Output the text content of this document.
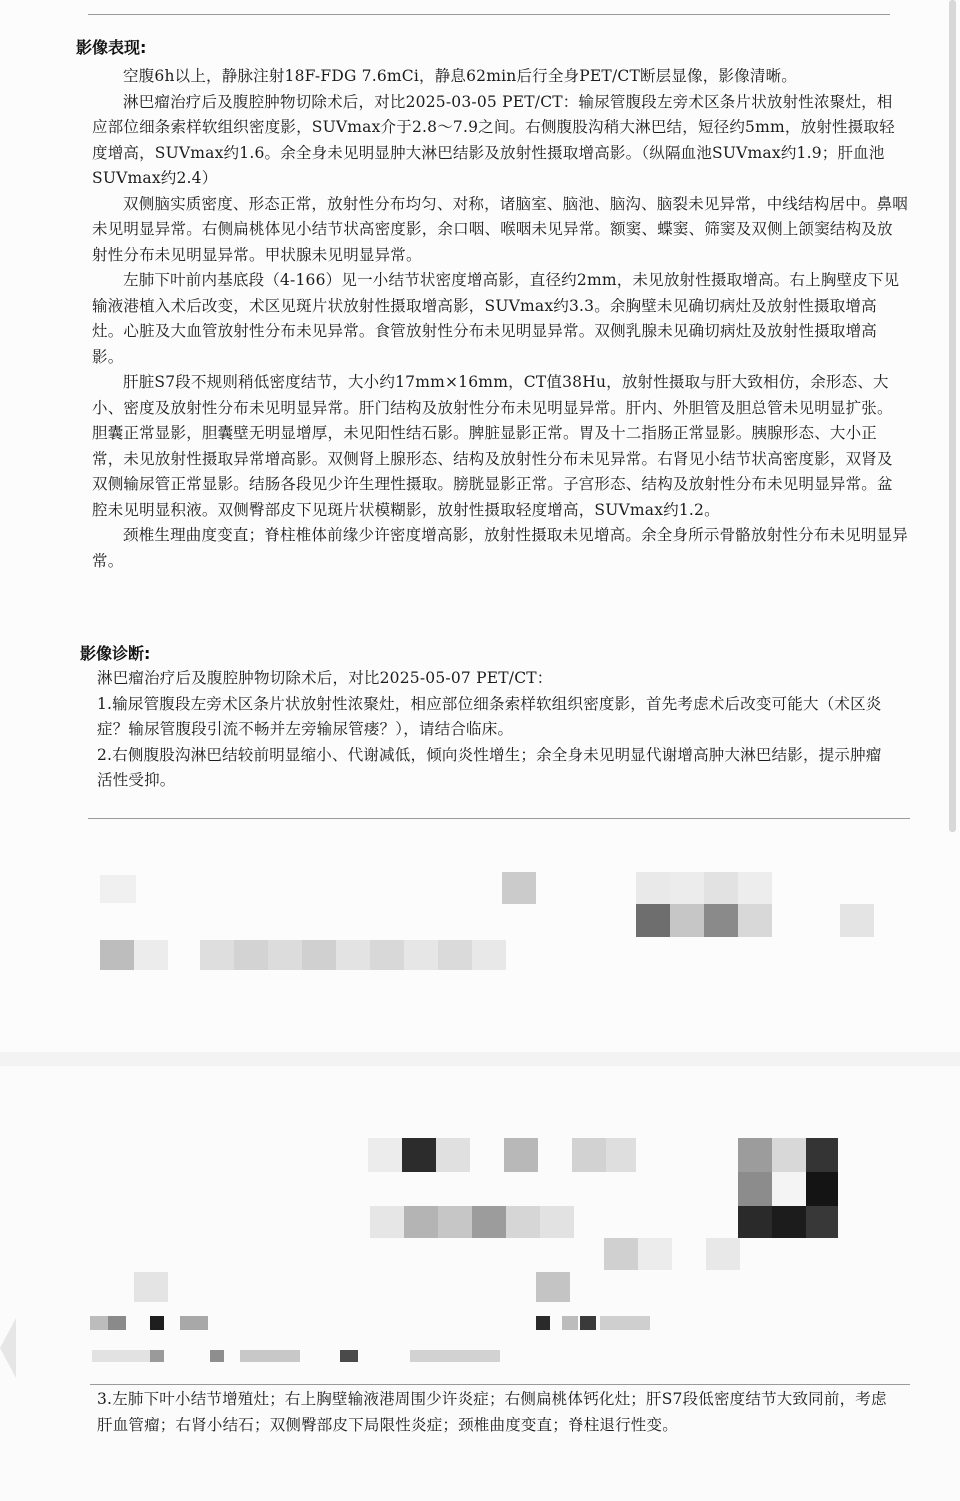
影像表现:

空腹6h以上，静脉注射18F-FDG 7.6mCi，静息62min后行全身PET/CT断层显像，影像清晰。

淋巴瘤治疗后及腹腔肿物切除术后，对比2025-03-05 PET/CT：输尿管腹段左旁术区条片状放射性浓聚灶，相应部位细条索样软组织密度影，SUVmax介于2.8～7.9之间。右侧腹股沟稍大淋巴结，短径约5mm，放射性摄取轻度增高，SUVmax约1.6。余全身未见明显肿大淋巴结影及放射性摄取增高影。（纵隔血池SUVmax约1.9；肝血池SUVmax约2.4）

双侧脑实质密度、形态正常，放射性分布均匀、对称，诸脑室、脑池、脑沟、脑裂未见异常，中线结构居中。鼻咽未见明显异常。右侧扁桃体见小结节状高密度影，余口咽、喉咽未见异常。额窦、蝶窦、筛窦及双侧上颌窦结构及放射性分布未见明显异常。甲状腺未见明显异常。

左肺下叶前内基底段（4-166）见一小结节状密度增高影，直径约2mm，未见放射性摄取增高。右上胸壁皮下见输液港植入术后改变，术区见斑片状放射性摄取增高影，SUVmax约3.3。余胸壁未见确切病灶及放射性摄取增高灶。心脏及大血管放射性分布未见异常。食管放射性分布未见明显异常。双侧乳腺未见确切病灶及放射性摄取增高影。

肝脏S7段不规则稍低密度结节，大小约17mm×16mm，CT值38Hu，放射性摄取与肝大致相仿，余形态、大小、密度及放射性分布未见明显异常。肝门结构及放射性分布未见明显异常。肝内、外胆管及胆总管未见明显扩张。胆囊正常显影，胆囊壁无明显增厚，未见阳性结石影。脾脏显影正常。胃及十二指肠正常显影。胰腺形态、大小正常，未见放射性摄取异常增高影。双侧肾上腺形态、结构及放射性分布未见异常。右肾见小结节状高密度影，双肾及双侧输尿管正常显影。结肠各段见少许生理性摄取。膀胱显影正常。子宫形态、结构及放射性分布未见明显异常。盆腔未见明显积液。双侧臀部皮下见斑片状模糊影，放射性摄取轻度增高，SUVmax约1.2。

颈椎生理曲度变直；脊柱椎体前缘少许密度增高影，放射性摄取未见增高。余全身所示骨骼放射性分布未见明显异常。

影像诊断:

淋巴瘤治疗后及腹腔肿物切除术后，对比2025-05-07 PET/CT：

1.输尿管腹段左旁术区条片状放射性浓聚灶，相应部位细条索样软组织密度影，首先考虑术后改变可能大（术区炎症？输尿管腹段引流不畅并左旁输尿管瘘？），请结合临床。

2.右侧腹股沟淋巴结较前明显缩小、代谢减低，倾向炎性增生；余全身未见明显代谢增高肿大淋巴结影，提示肿瘤活性受抑。

3.左肺下叶小结节增殖灶；右上胸壁输液港周围少许炎症；右侧扁桃体钙化灶；肝S7段低密度结节大致同前，考虑肝血管瘤；右肾小结石；双侧臀部皮下局限性炎症；颈椎曲度变直；脊柱退行性变。
